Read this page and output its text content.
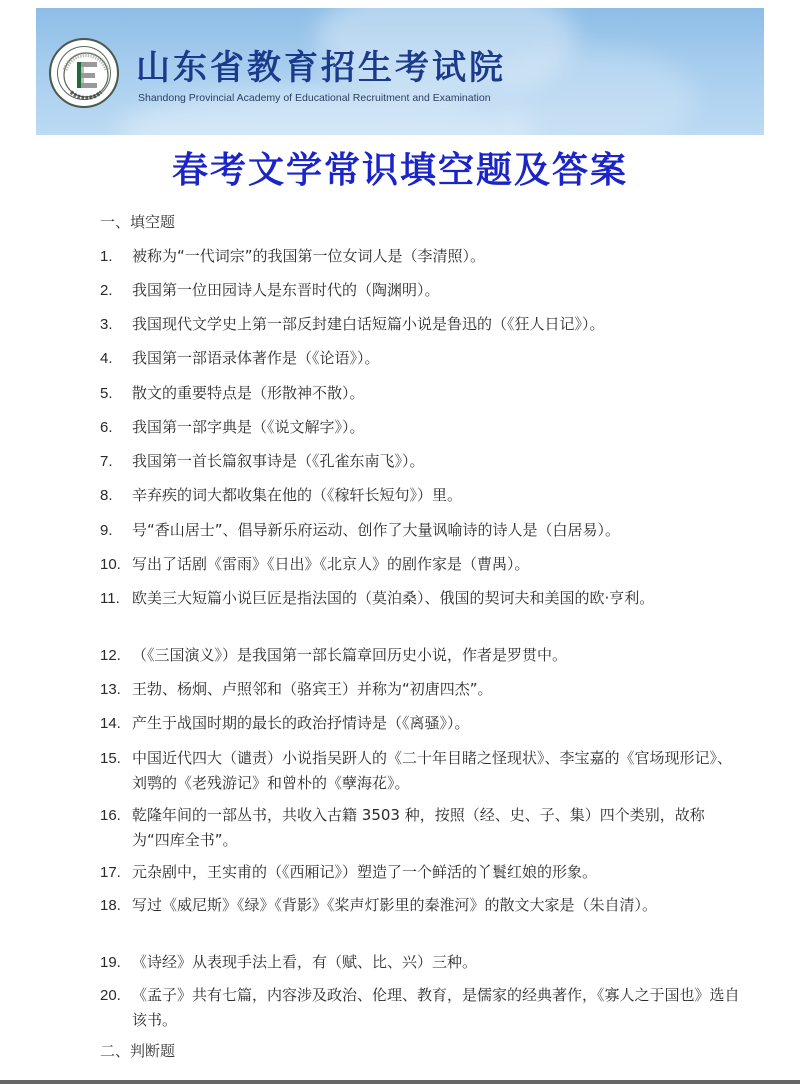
山东省教育招生考试院
Shandong Provincial Academy of Educational Recruitment and Examination
春考文学常识填空题及答案
一、填空题
1. 被称为“一代词宗”的我国第一位女词人是（李清照）。
2. 我国第一位田园诗人是东晋时代的（陶渊明）。
3. 我国现代文学史上第一部反封建白话短篇小说是鲁迅的（《狂人日记》）。
4. 我国第一部语录体著作是（《论语》）。
5. 散文的重要特点是（形散神不散）。
6. 我国第一部字典是（《说文解字》）。
7. 我国第一首长篇叙事诗是（《孔雀东南飞》）。
8. 辛弃疾的词大都收集在他的（《稼轩长短句》）里。
9. 号“香山居士”、倡导新乐府运动、创作了大量讽喻诗的诗人是（白居易）。
10. 写出了话剧《雷雨》《日出》《北京人》的剧作家是（曹禺）。
11. 欧美三大短篇小说巨匠是指法国的（莫泊桑）、俄国的契诃夫和美国的欧·亨利。
12. （《三国演义》）是我国第一部长篇章回历史小说，作者是罗贯中。
13. 王勃、杨炯、卢照邻和（骆宾王）并称为“初唐四杰”。
14. 产生于战国时期的最长的政治抒情诗是（《离骚》）。
15. 中国近代四大（谴责）小说指吴趼人的《二十年目睹之怪现状》、李宝嘉的《官场现形记》、刘鹗的《老残游记》和曾朴的《孽海花》。
16. 乾隆年间的一部丛书，共收入古籍 3503 种，按照（经、史、子、集）四个类别，故称为“四库全书”。
17. 元杂剧中，王实甫的（《西厢记》）塑造了一个鲜活的丫鬟红娘的形象。
18. 写过《威尼斯》《绿》《背影》《桨声灯影里的秦淮河》的散文大家是（朱自清）。
19. 《诗经》从表现手法上看，有（赋、比、兴）三种。
20. 《孟子》共有七篇，内容涉及政治、伦理、教育，是儒家的经典著作，《寡人之于国也》选自该书。
二、判断题
